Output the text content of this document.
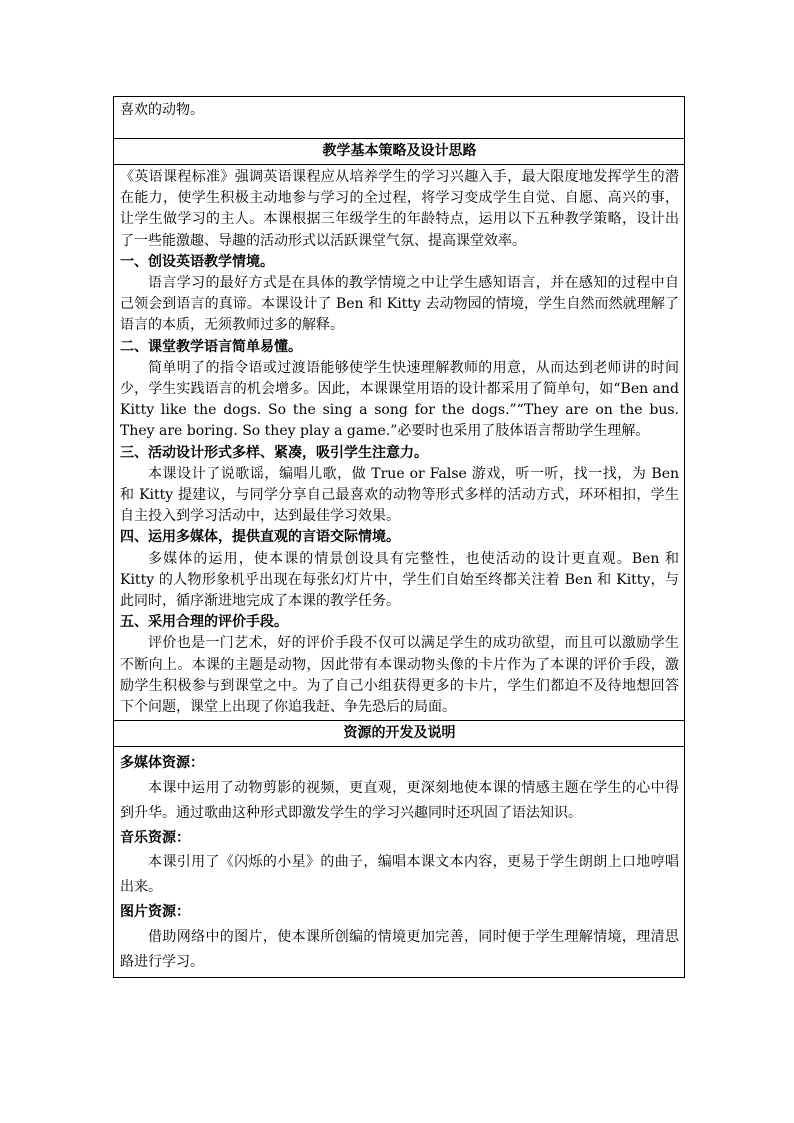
喜欢的动物。

教学基本策略及设计思路

《英语课程标准》强调英语课程应从培养学生的学习兴趣入手，最大限度地发挥学生的潜在能力，使学生积极主动地参与学习的全过程，将学习变成学生自觉、自愿、高兴的事，让学生做学习的主人。本课根据三年级学生的年龄特点，运用以下五种教学策略，设计出了一些能激趣、导趣的活动形式以活跃课堂气氛、提高课堂效率。

一、创设英语教学情境。

语言学习的最好方式是在具体的教学情境之中让学生感知语言，并在感知的过程中自己领会到语言的真谛。本课设计了 Ben 和 Kitty 去动物园的情境，学生自然而然就理解了语言的本质，无须教师过多的解释。

二、课堂教学语言简单易懂。

简单明了的指令语或过渡语能够使学生快速理解教师的用意，从而达到老师讲的时间少，学生实践语言的机会增多。因此，本课课堂用语的设计都采用了简单句，如“Ben and Kitty like the dogs. So the sing a song for the dogs.”“They are on the bus. They are boring. So they play a game.”必要时也采用了肢体语言帮助学生理解。

三、活动设计形式多样、紧凑，吸引学生注意力。

本课设计了说歌谣，编唱儿歌，做 True or False 游戏，听一听，找一找，为 Ben 和 Kitty 提建议，与同学分享自己最喜欢的动物等形式多样的活动方式，环环相扣，学生自主投入到学习活动中，达到最佳学习效果。

四、运用多媒体，提供直观的言语交际情境。

多媒体的运用，使本课的情景创设具有完整性，也使活动的设计更直观。Ben 和 Kitty 的人物形象机乎出现在每张幻灯片中，学生们自始至终都关注着 Ben 和 Kitty，与此同时，循序渐进地完成了本课的教学任务。

五、采用合理的评价手段。

评价也是一门艺术，好的评价手段不仅可以满足学生的成功欲望，而且可以激励学生不断向上。本课的主题是动物，因此带有本课动物头像的卡片作为了本课的评价手段，激励学生积极参与到课堂之中。为了自己小组获得更多的卡片，学生们都迫不及待地想回答下个问题，课堂上出现了你追我赶、争先恐后的局面。

资源的开发及说明

多媒体资源：

本课中运用了动物剪影的视频，更直观，更深刻地使本课的情感主题在学生的心中得到升华。通过歌曲这种形式即激发学生的学习兴趣同时还巩固了语法知识。

音乐资源：

本课引用了《闪烁的小星》的曲子，编唱本课文本内容，更易于学生朗朗上口地哼唱出来。

图片资源：

借助网络中的图片，使本课所创编的情境更加完善，同时便于学生理解情境，理清思路进行学习。
